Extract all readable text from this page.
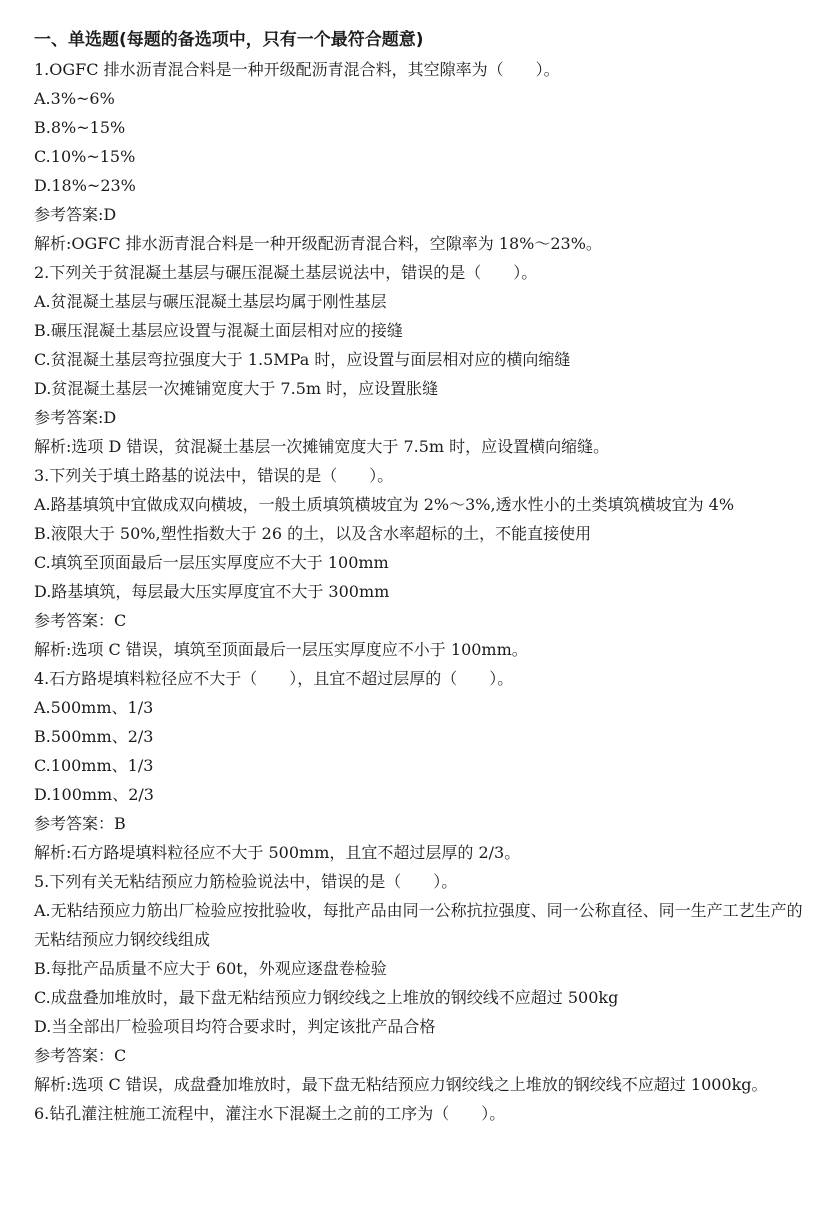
一、单选题(每题的备选项中，只有一个最符合题意)
1.OGFC 排水沥青混合料是一种开级配沥青混合料，其空隙率为（　　）。
A.3%~6%
B.8%~15%
C.10%~15%
D.18%~23%
参考答案:D
解析:OGFC 排水沥青混合料是一种开级配沥青混合料，空隙率为 18%～23%。
2.下列关于贫混凝土基层与碾压混凝土基层说法中，错误的是（　　）。
A.贫混凝土基层与碾压混凝土基层均属于刚性基层
B.碾压混凝土基层应设置与混凝土面层相对应的接缝
C.贫混凝土基层弯拉强度大于 1.5MPa 时，应设置与面层相对应的横向缩缝
D.贫混凝土基层一次摊铺宽度大于 7.5m 时，应设置胀缝
参考答案:D
解析:选项 D 错误，贫混凝土基层一次摊铺宽度大于 7.5m 时，应设置横向缩缝。
3.下列关于填土路基的说法中，错误的是（　　）。
A.路基填筑中宜做成双向横坡，一般土质填筑横坡宜为 2%～3%,透水性小的土类填筑横坡宜为 4%
B.液限大于 50%,塑性指数大于 26 的土，以及含水率超标的土，不能直接使用
C.填筑至顶面最后一层压实厚度应不大于 100mm
D.路基填筑，每层最大压实厚度宜不大于 300mm
参考答案：C
解析:选项 C 错误，填筑至顶面最后一层压实厚度应不小于 100mm。
4.石方路堤填料粒径应不大于（　　），且宜不超过层厚的（　　）。
A.500mm、1/3
B.500mm、2/3
C.100mm、1/3
D.100mm、2/3
参考答案：B
解析:石方路堤填料粒径应不大于 500mm，且宜不超过层厚的 2/3。
5.下列有关无粘结预应力筋检验说法中，错误的是（　　）。
A.无粘结预应力筋出厂检验应按批验收，每批产品由同一公称抗拉强度、同一公称直径、同一生产工艺生产的无粘结预应力钢绞线组成
B.每批产品质量不应大于 60t，外观应逐盘卷检验
C.成盘叠加堆放时，最下盘无粘结预应力钢绞线之上堆放的钢绞线不应超过 500kg
D.当全部出厂检验项目均符合要求时，判定该批产品合格
参考答案：C
解析:选项 C 错误，成盘叠加堆放时，最下盘无粘结预应力钢绞线之上堆放的钢绞线不应超过 1000kg。
6.钻孔灌注桩施工流程中，灌注水下混凝土之前的工序为（　　）。
